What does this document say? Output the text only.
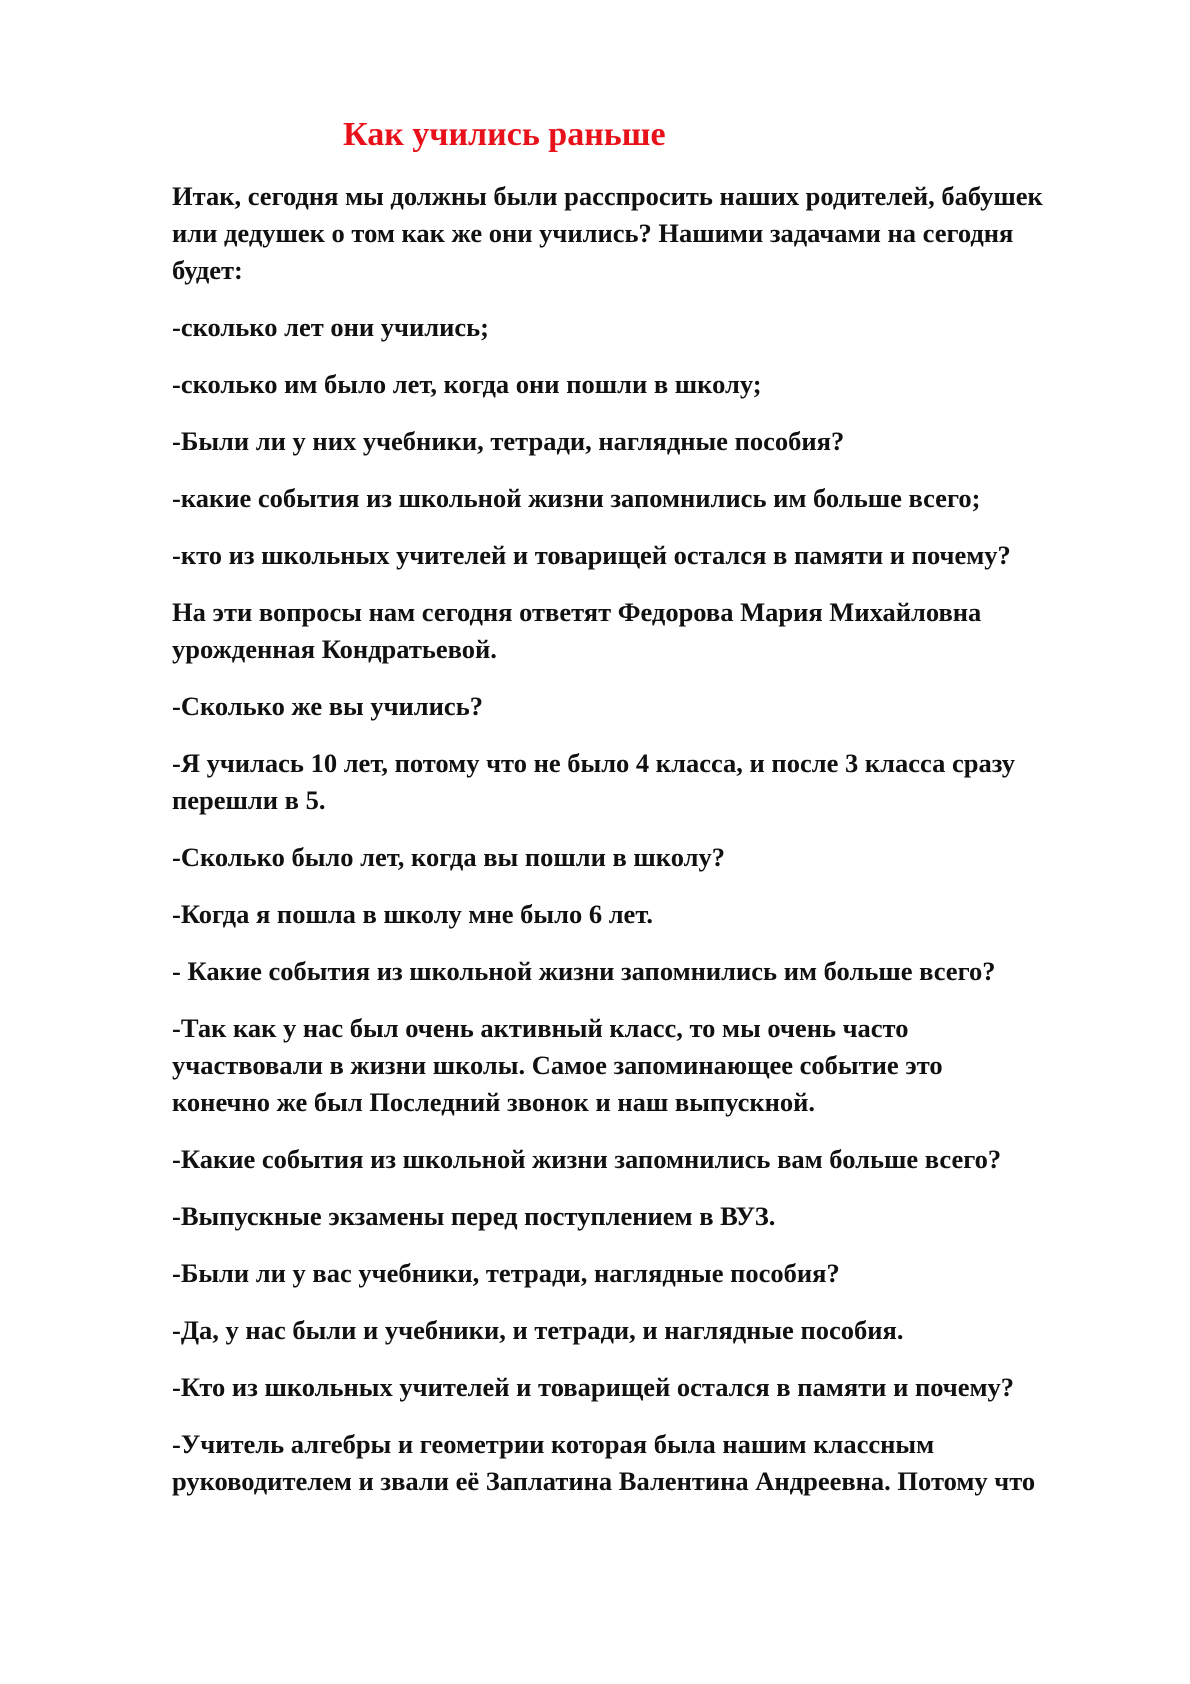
Как учились раньше

Итак, сегодня мы должны были расспросить наших родителей, бабушек
или дедушек о том как же они учились? Нашими задачами на сегодня
будет:

-сколько лет они учились;

-сколько им было лет, когда они пошли в школу;

-Были ли у них учебники, тетради, наглядные пособия?

-какие события из школьной жизни запомнились им больше всего;

-кто из школьных учителей и товарищей остался в памяти и почему?

На эти вопросы нам сегодня ответят Федорова Мария Михайловна
урожденная Кондратьевой.

-Сколько же вы учились?

-Я училась 10 лет, потому что не было 4 класса, и после 3 класса сразу
перешли в 5.

-Сколько было лет, когда вы пошли в школу?

-Когда я пошла в школу мне было 6 лет.

- Какие события из школьной жизни запомнились им больше всего?

-Так как у нас был очень активный класс, то мы очень часто
участвовали в жизни школы. Самое запоминающее событие это
конечно же был Последний звонок и наш выпускной.

-Какие события из школьной жизни запомнились вам больше всего?

-Выпускные экзамены перед поступлением в ВУЗ.

-Были ли у вас учебники, тетради, наглядные пособия?

-Да, у нас были и учебники, и тетради, и наглядные пособия.

-Кто из школьных учителей и товарищей остался в памяти и почему?

-Учитель алгебры и геометрии которая была нашим классным
руководителем и звали её Заплатина Валентина Андреевна. Потому что
